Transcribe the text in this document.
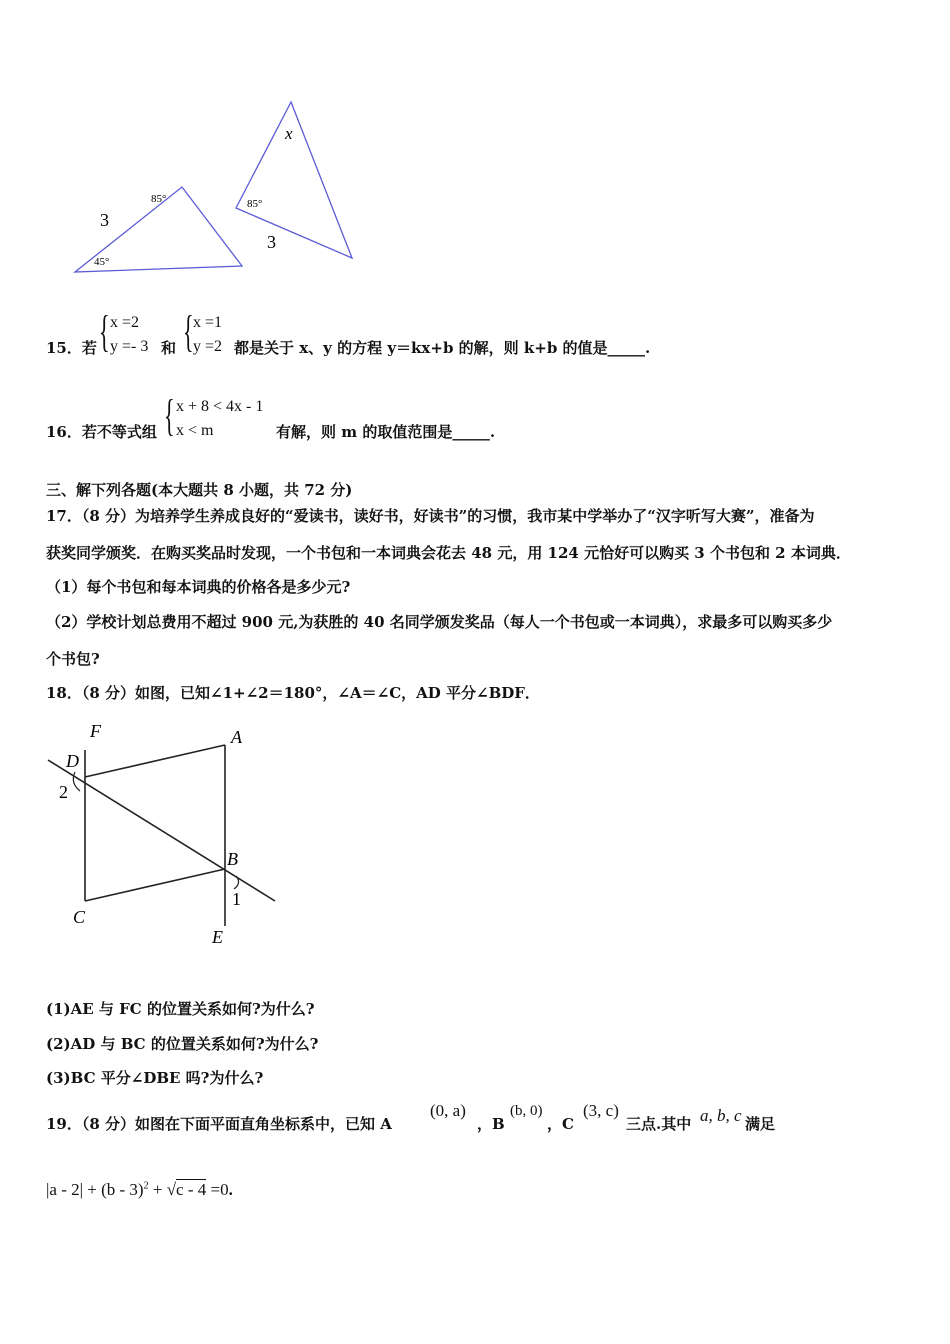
85°
45°
3
x
85°
3
15．若 { x =2
y =- 3 和 { x =1
y =2 都是关于 x、y 的方程 y＝kx+b 的解，则 k+b 的值是_____.
16．若不等式组 { x + 8 < 4x - 1
x < m	有解，则 m 的取值范围是_____.
三、解下列各题(本大题共 8 小题，共 72 分)
17．（8 分）为培养学生养成良好的“爱读书，读好书，好读书”的习惯，我市某中学举办了“汉字听写大赛”，准备为
获奖同学颁奖．在购买奖品时发现，一个书包和一本词典会花去 48 元，用 124 元恰好可以购买 3 个书包和 2 本词典．
（1）每个书包和每本词典的价格各是多少元?
（2）学校计划总费用不超过 900 元,为获胜的 40 名同学颁发奖品（每人一个书包或一本词典），求最多可以购买多少
个书包?
18．（8 分）如图，已知∠1+∠2＝180°，∠A＝∠C，AD 平分∠BDF．
F	A
D
2
B
1
C
E
(1)AE 与 FC 的位置关系如何?为什么?
(2)AD 与 BC 的位置关系如何?为什么?
(3)BC 平分∠DBE 吗?为什么?
19．（8 分）如图在下面平面直角坐标系中，已知 A
(0, a)
，B
(b, 0)
，C
(3, c)
三点.其中 a, b, c 满足
|a - 2| + (b - 3)$^2$ + √c - 4 =0.
